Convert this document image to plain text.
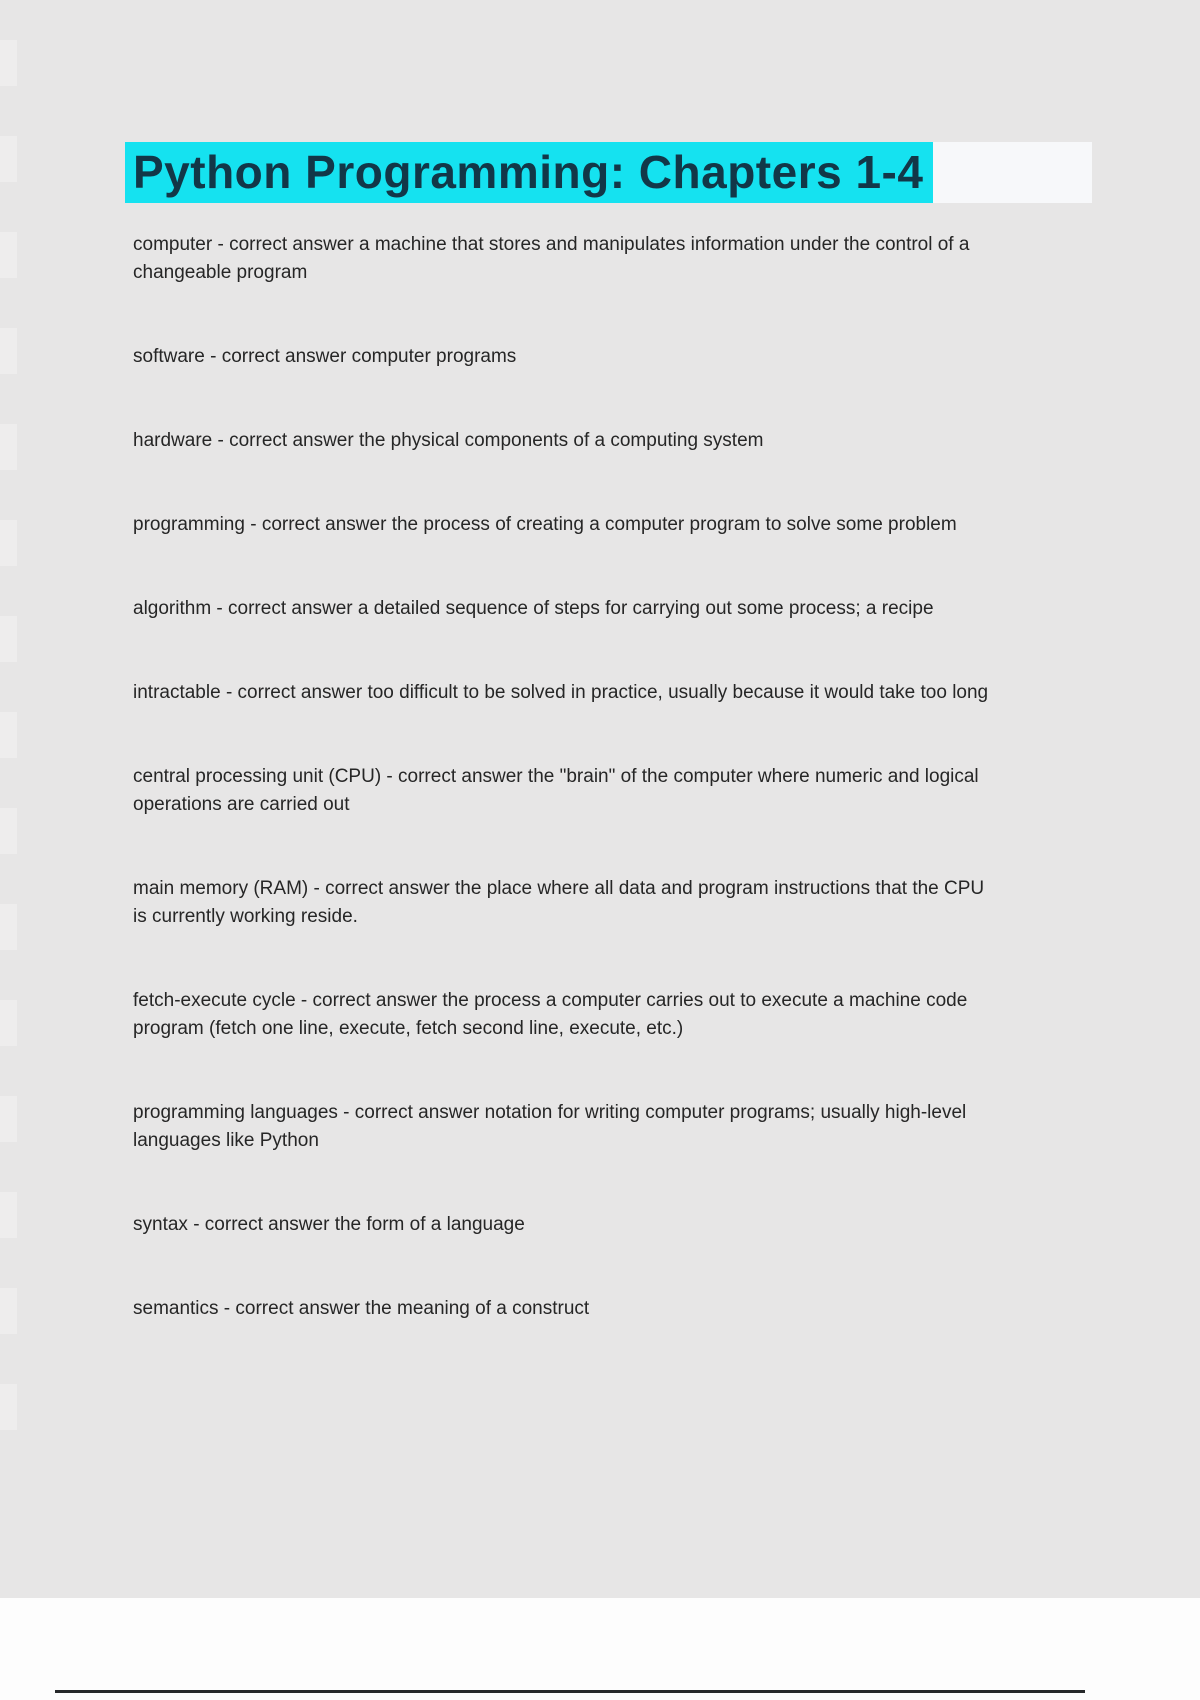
Python Programming: Chapters 1-4

computer - correct answer a machine that stores and manipulates information under the control of a changeable program

software - correct answer computer programs

hardware - correct answer the physical components of a computing system

programming - correct answer the process of creating a computer program to solve some problem

algorithm - correct answer a detailed sequence of steps for carrying out some process; a recipe

intractable - correct answer too difficult to be solved in practice, usually because it would take too long

central processing unit (CPU) - correct answer the "brain" of the computer where numeric and logical operations are carried out

main memory (RAM) - correct answer the place where all data and program instructions that the CPU is currently working reside.

fetch-execute cycle - correct answer the process a computer carries out to execute a machine code program (fetch one line, execute, fetch second line, execute, etc.)

programming languages - correct answer notation for writing computer programs; usually high-level languages like Python

syntax - correct answer the form of a language

semantics - correct answer the meaning of a construct
